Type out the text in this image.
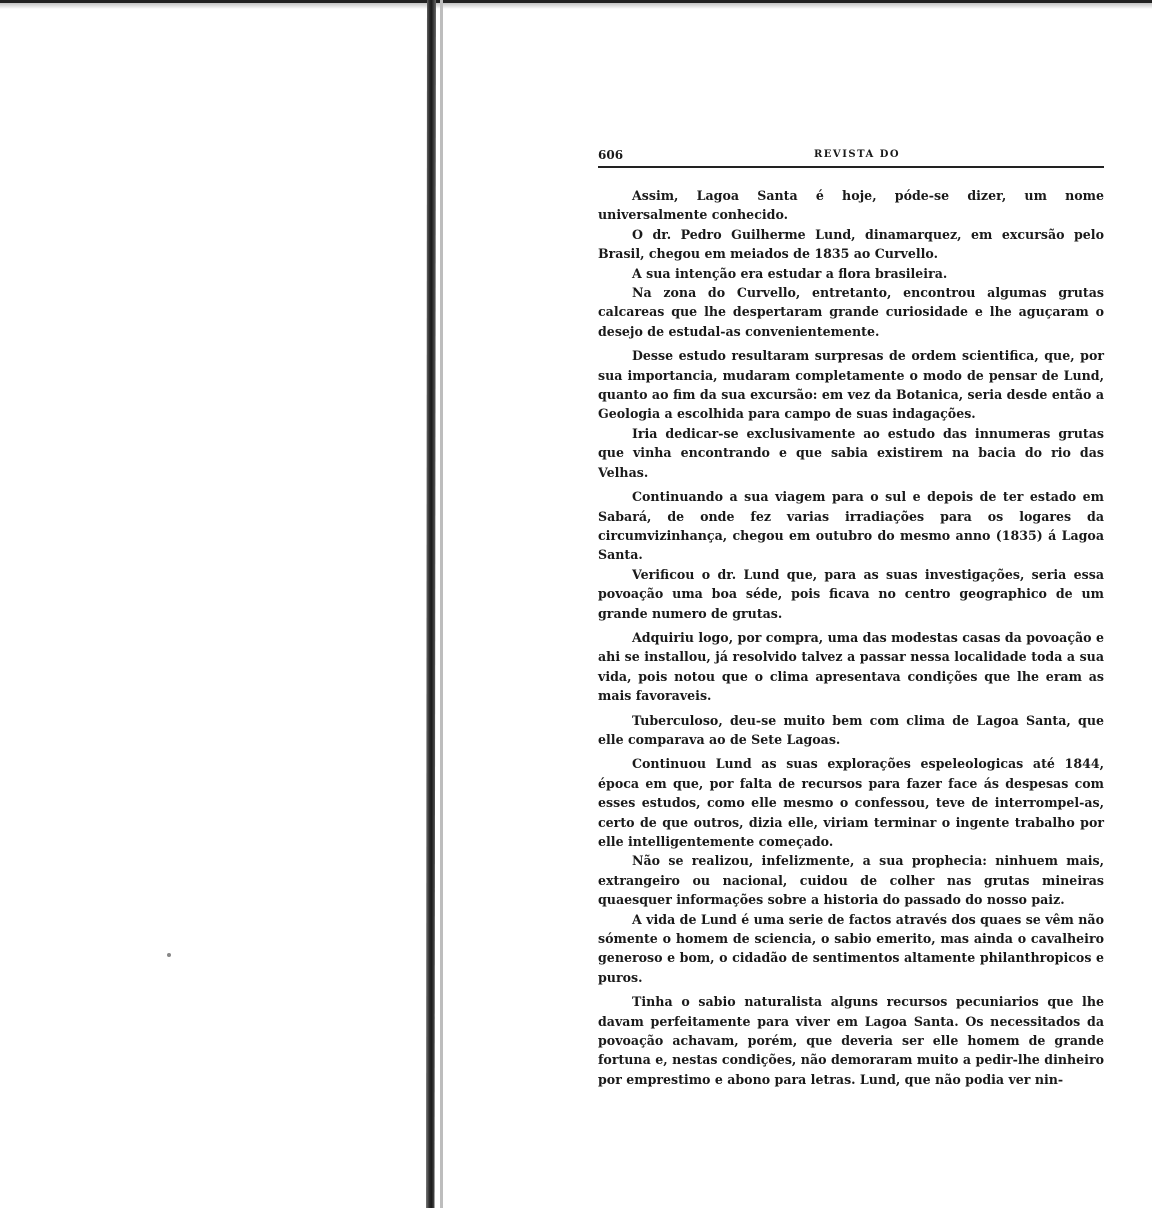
606	REVISTA DO

Assim, Lagoa Santa é hoje, póde-se dizer, um nome universalmente conhecido.

O dr. Pedro Guilherme Lund, dinamarquez, em excursão pelo Brasil, chegou em meiados de 1835 ao Curvello.

A sua intenção era estudar a flora brasileira.

Na zona do Curvello, entretanto, encontrou algumas grutas calcareas que lhe despertaram grande curiosidade e lhe aguçaram o desejo de estudal-as convenientemente.

Desse estudo resultaram surpresas de ordem scientifica, que, por sua importancia, mudaram completamente o modo de pensar de Lund, quanto ao fim da sua excursão: em vez da Botanica, seria desde então a Geologia a escolhida para campo de suas indagações.

Iria dedicar-se exclusivamente ao estudo das innumeras grutas que vinha encontrando e que sabia existirem na bacia do rio das Velhas.

Continuando a sua viagem para o sul e depois de ter estado em Sabará, de onde fez varias irradiações para os logares da circumvizinhança, chegou em outubro do mesmo anno (1835) á Lagoa Santa.

Verificou o dr. Lund que, para as suas investigações, seria essa povoação uma boa séde, pois ficava no centro geographico de um grande numero de grutas.

Adquiriu logo, por compra, uma das modestas casas da povoação e ahi se installou, já resolvido talvez a passar nessa localidade toda a sua vida, pois notou que o clima apresentava condições que lhe eram as mais favoraveis.

Tuberculoso, deu-se muito bem com clima de Lagoa Santa, que elle comparava ao de Sete Lagoas.

Continuou Lund as suas explorações espeleologicas até 1844, época em que, por falta de recursos para fazer face ás despesas com esses estudos, como elle mesmo o confessou, teve de interrompel-as, certo de que outros, dizia elle, viriam terminar o ingente trabalho por elle intelligentemente começado.

Não se realizou, infelizmente, a sua prophecia: ninhuem mais, extrangeiro ou nacional, cuidou de colher nas grutas mineiras quaesquer informações sobre a historia do passado do nosso paiz.

A vida de Lund é uma serie de factos através dos quaes se vêm não sómente o homem de sciencia, o sabio emerito, mas ainda o cavalheiro generoso e bom, o cidadão de sentimentos altamente philanthropicos e puros.

Tinha o sabio naturalista alguns recursos pecuniarios que lhe davam perfeitamente para viver em Lagoa Santa. Os necessitados da povoação achavam, porém, que deveria ser elle homem de grande fortuna e, nestas condições, não demoraram muito a pedir-lhe dinheiro por emprestimo e abono para letras. Lund, que não podia ver nin-
